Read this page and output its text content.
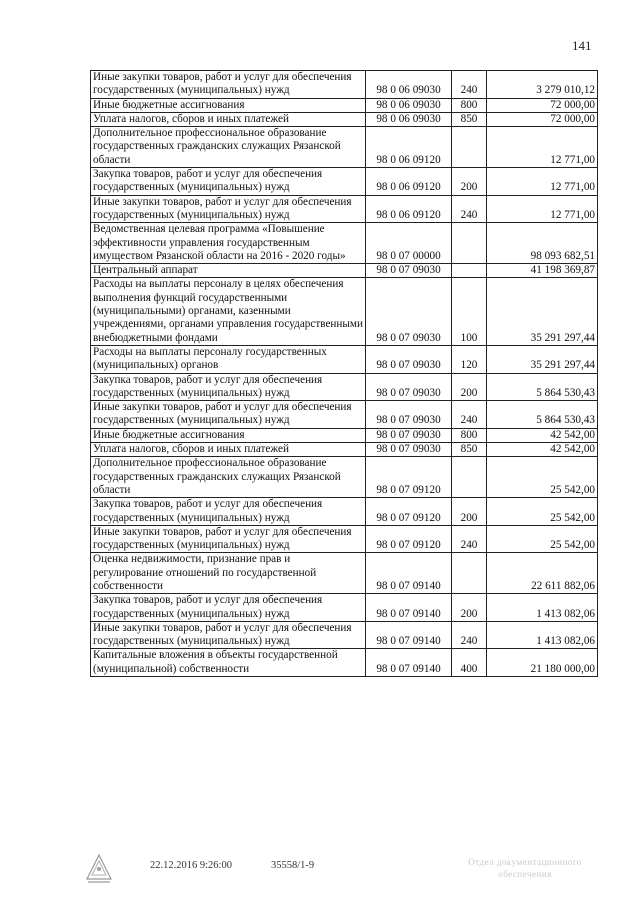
141
Иные закупки товаров, работ и услуг для обеспечения государственных (муниципальных) нужд	98 0 06 09030	240	3 279 010,12
Иные бюджетные ассигнования	98 0 06 09030	800	72 000,00
Уплата налогов, сборов и иных платежей	98 0 06 09030	850	72 000,00
Дополнительное профессиональное образование государственных гражданских служащих Рязанской области	98 0 06 09120		12 771,00
Закупка товаров, работ и услуг для обеспечения государственных (муниципальных) нужд	98 0 06 09120	200	12 771,00
Иные закупки товаров, работ и услуг для обеспечения государственных (муниципальных) нужд	98 0 06 09120	240	12 771,00
Ведомственная целевая программа «Повышение эффективности управления государственным имуществом Рязанской области на 2016 - 2020 годы»	98 0 07 00000		98 093 682,51
Центральный аппарат	98 0 07 09030		41 198 369,87
Расходы на выплаты персоналу в целях обеспечения выполнения функций государственными (муниципальными) органами, казенными учреждениями, органами управления государственными внебюджетными фондами	98 0 07 09030	100	35 291 297,44
Расходы на выплаты персоналу государственных (муниципальных) органов	98 0 07 09030	120	35 291 297,44
Закупка товаров, работ и услуг для обеспечения государственных (муниципальных) нужд	98 0 07 09030	200	5 864 530,43
Иные закупки товаров, работ и услуг для обеспечения государственных (муниципальных) нужд	98 0 07 09030	240	5 864 530,43
Иные бюджетные ассигнования	98 0 07 09030	800	42 542,00
Уплата налогов, сборов и иных платежей	98 0 07 09030	850	42 542,00
Дополнительное профессиональное образование государственных гражданских служащих Рязанской области	98 0 07 09120		25 542,00
Закупка товаров, работ и услуг для обеспечения государственных (муниципальных) нужд	98 0 07 09120	200	25 542,00
Иные закупки товаров, работ и услуг для обеспечения государственных (муниципальных) нужд	98 0 07 09120	240	25 542,00
Оценка недвижимости, признание прав и регулирование отношений по государственной собственности	98 0 07 09140		22 611 882,06
Закупка товаров, работ и услуг для обеспечения государственных (муниципальных) нужд	98 0 07 09140	200	1 413 082,06
Иные закупки товаров, работ и услуг для обеспечения государственных (муниципальных) нужд	98 0 07 09140	240	1 413 082,06
Капитальные вложения в объекты государственной (муниципальной) собственности	98 0 07 09140	400	21 180 000,00
22.12.2016 9:26:00	35558/1-9	Отдел документационного обеспечения
